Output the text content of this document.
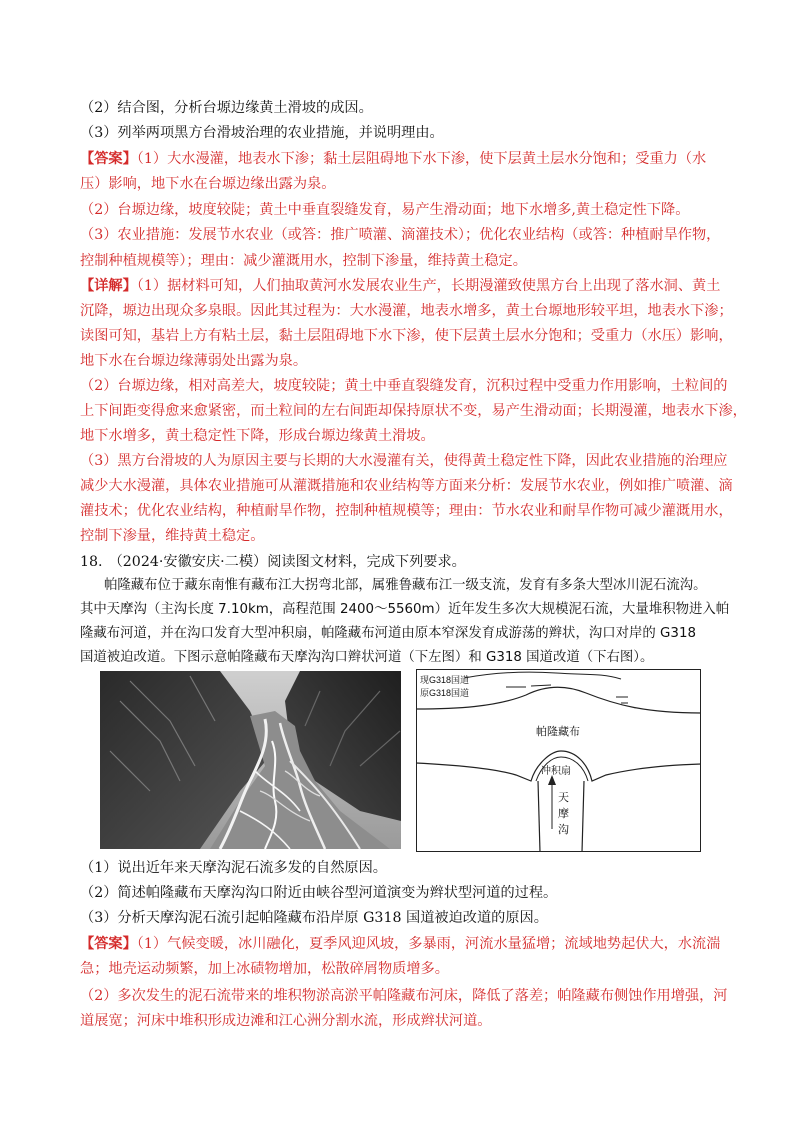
（2）结合图，分析台塬边缘黄土滑坡的成因。
（3）列举两项黑方台滑坡治理的农业措施，并说明理由。
【答案】（1）大水漫灌，地表水下渗；黏土层阻碍地下水下渗，使下层黄土层水分饱和；受重力（水
压）影响，地下水在台塬边缘出露为泉。
（2）台塬边缘，坡度较陡；黄土中垂直裂缝发育，易产生滑动面；地下水增多,黄土稳定性下降。
（3）农业措施：发展节水农业（或答：推广喷灌、滴灌技术）；优化农业结构（或答：种植耐旱作物，
控制种植规模等）；理由：减少灌溉用水，控制下渗量，维持黄土稳定。
【详解】（1）据材料可知，人们抽取黄河水发展农业生产，长期漫灌致使黑方台上出现了落水洞、黄土
沉降，塬边出现众多泉眼。因此其过程为：大水漫灌，地表水增多，黄土台塬地形较平坦，地表水下渗；
读图可知，基岩上方有粘土层，黏土层阻碍地下水下渗，使下层黄土层水分饱和；受重力（水压）影响，
地下水在台塬边缘薄弱处出露为泉。
（2）台塬边缘，相对高差大，坡度较陡；黄土中垂直裂缝发育，沉积过程中受重力作用影响，土粒间的
上下间距变得愈来愈紧密，而土粒间的左右间距却保持原状不变，易产生滑动面；长期漫灌，地表水下渗，
地下水增多，黄土稳定性下降，形成台塬边缘黄土滑坡。
（3）黑方台滑坡的人为原因主要与长期的大水漫灌有关，使得黄土稳定性下降，因此农业措施的治理应
减少大水漫灌，具体农业措施可从灌溉措施和农业结构等方面来分析：发展节水农业，例如推广喷灌、滴
灌技术；优化农业结构，种植耐旱作物，控制种植规模等；理由：节水农业和耐旱作物可减少灌溉用水，
控制下渗量，维持黄土稳定。
18. （2024·安徽安庆·二模）阅读图文材料，完成下列要求。
帕隆藏布位于藏东南惟有藏布江大拐弯北部，属雅鲁藏布江一级支流，发育有多条大型冰川泥石流沟。
其中天摩沟（主沟长度 7.10km，高程范围 2400～5560m）近年发生多次大规模泥石流，大量堆积物进入帕
隆藏布河道，并在沟口发育大型冲积扇，帕隆藏布河道由原本窄深发育成游荡的辫状，沟口对岸的 G318
国道被迫改道。下图示意帕隆藏布天摩沟沟口辫状河道（下左图）和 G318 国道改道（下右图）。
现G318国道
原G318国道
帕隆藏布
冲积扇
天
摩
沟
（1）说出近年来天摩沟泥石流多发的自然原因。
（2）简述帕隆藏布天摩沟沟口附近由峡谷型河道演变为辫状型河道的过程。
（3）分析天摩沟泥石流引起帕隆藏布沿岸原 G318 国道被迫改道的原因。
【答案】（1）气候变暖，冰川融化，夏季风迎风坡，多暴雨，河流水量猛增；流域地势起伏大，水流湍
急；地壳运动频繁，加上冰碛物增加，松散碎屑物质增多。
（2）多次发生的泥石流带来的堆积物淤高淤平帕隆藏布河床，降低了落差；帕隆藏布侧蚀作用增强，河
道展宽；河床中堆积形成边滩和江心洲分割水流，形成辫状河道。
